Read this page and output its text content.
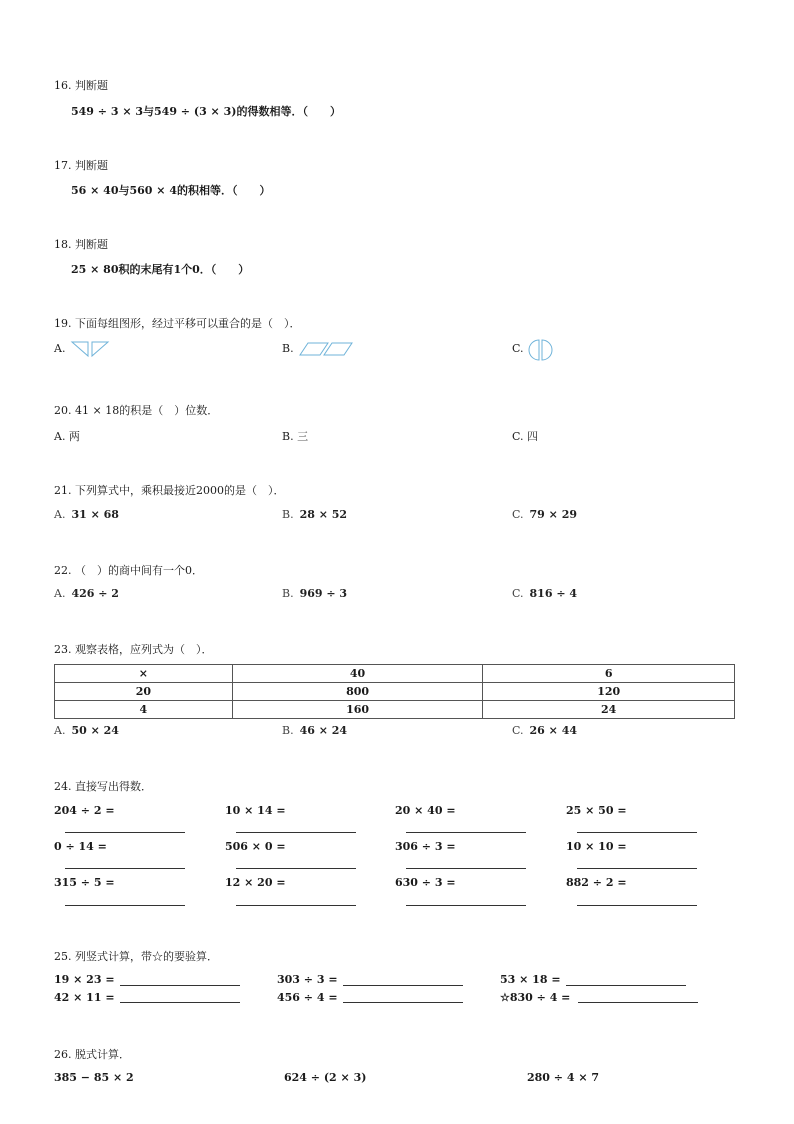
16. 判断题
549 ÷ 3 × 3与549 ÷ (3 × 3)的得数相等．（　　）
17. 判断题
56 × 40与560 × 4的积相等．（　　）
18. 判断题
25 × 80积的末尾有1个0．（　　）
19. 下面每组图形，经过平移可以重合的是（　）．
A.	B.	C.
20. 41 × 18的积是（　）位数．
A. 两	B. 三	C. 四
21. 下列算式中，乘积最接近2000的是（　）．
A. 31 × 68	B. 28 × 52	C. 79 × 29
22. （　）的商中间有一个0．
A. 426 ÷ 2	B. 969 ÷ 3	C. 816 ÷ 4
23. 观察表格，应列式为（　）．
×	40	6
20	800	120
4	160	24
A. 50 × 24	B. 46 × 24	C. 26 × 44
24. 直接写出得数．
204 ÷ 2 =	10 × 14 =	20 × 40 =	25 × 50 =
0 ÷ 14 =	506 × 0 =	306 ÷ 3 =	10 × 10 =
315 ÷ 5 =	12 × 20 =	630 ÷ 3 =	882 ÷ 2 =
25. 列竖式计算，带☆的要验算．
19 × 23 =	303 ÷ 3 =	53 × 18 =
42 × 11 =	456 ÷ 4 =	☆830 ÷ 4 =
26. 脱式计算．
385 − 85 × 2	624 ÷ (2 × 3)	280 ÷ 4 × 7
